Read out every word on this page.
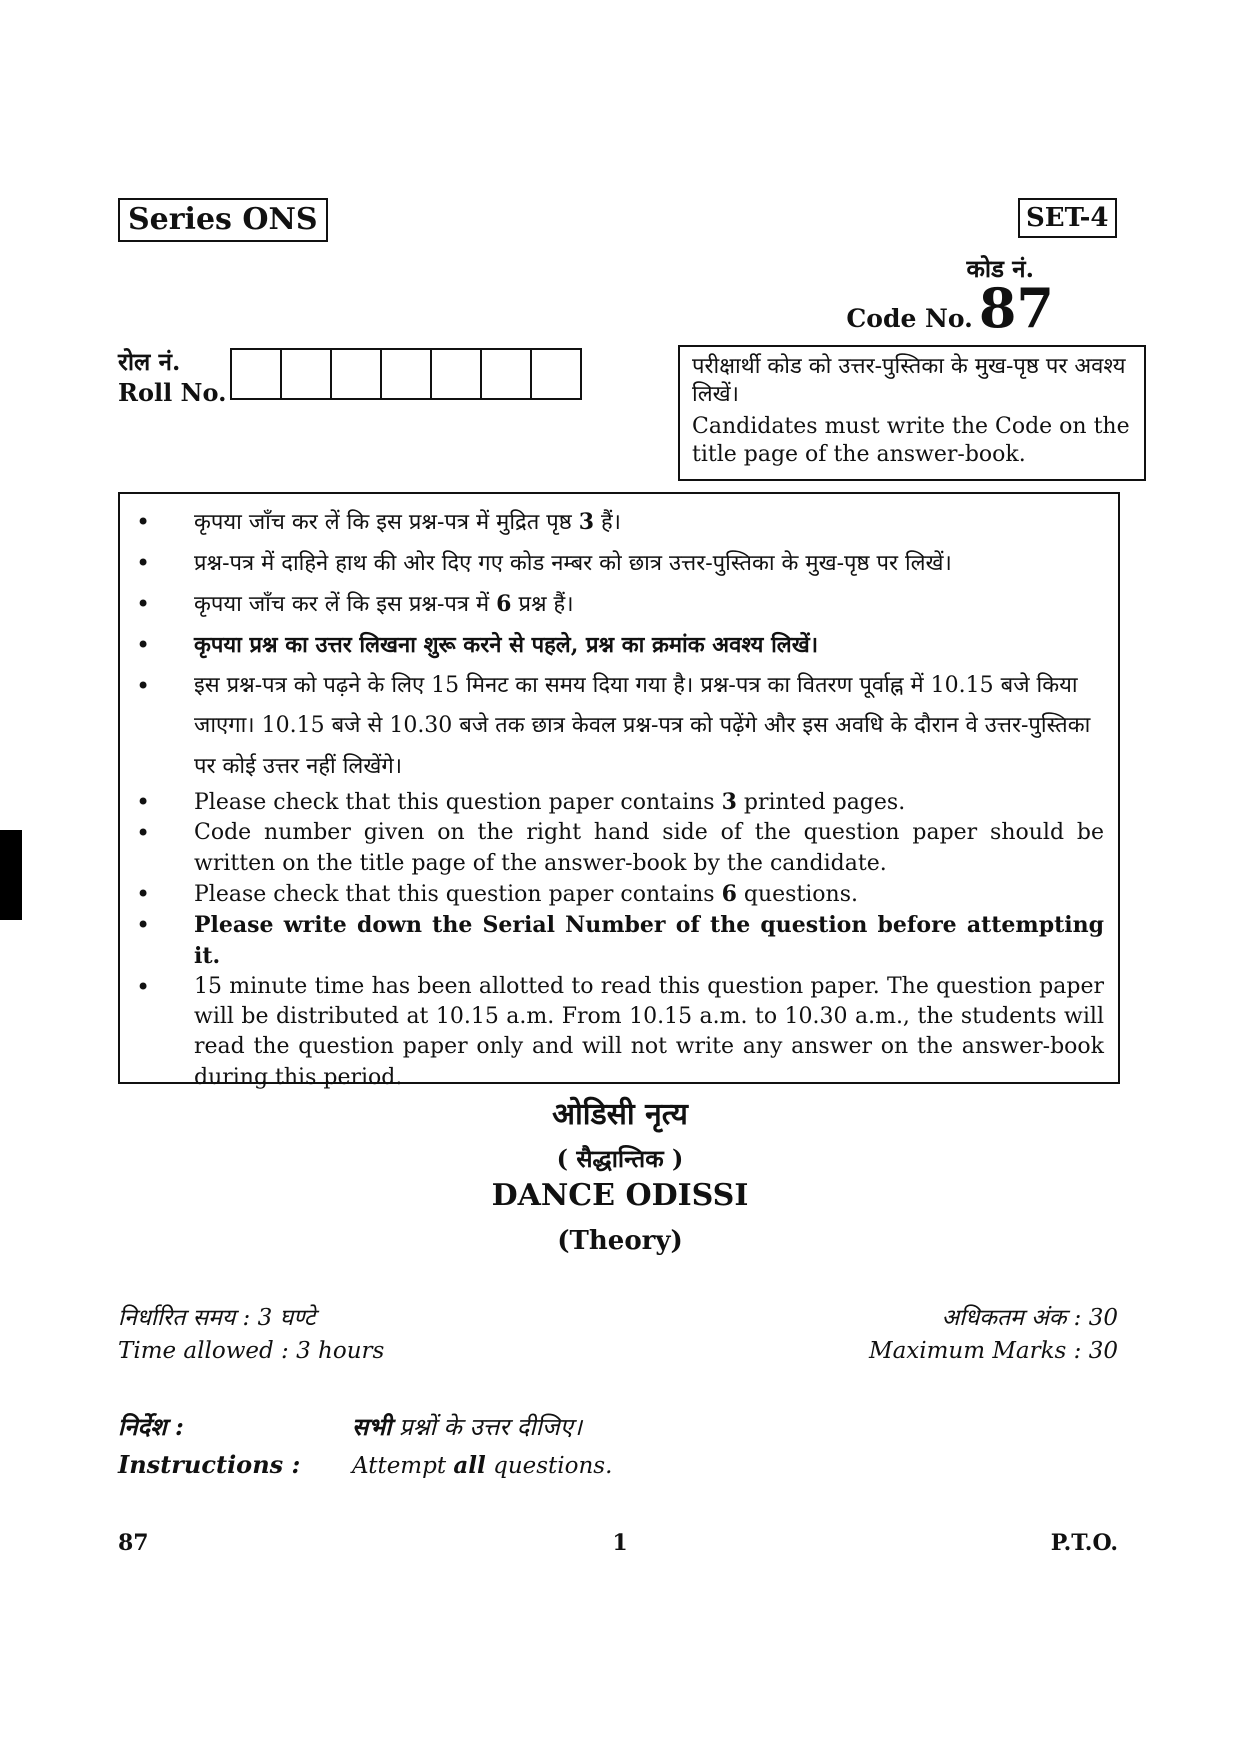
Series ONS	SET-4
कोड नं.
Code No. 87
रोल नं.
Roll No.
परीक्षार्थी कोड को उत्तर-पुस्तिका के मुख-पृष्ठ पर अवश्य लिखें।
Candidates must write the Code on the title page of the answer-book.
• कृपया जाँच कर लें कि इस प्रश्न-पत्र में मुद्रित पृष्ठ 3 हैं।
• प्रश्न-पत्र में दाहिने हाथ की ओर दिए गए कोड नम्बर को छात्र उत्तर-पुस्तिका के मुख-पृष्ठ पर लिखें।
• कृपया जाँच कर लें कि इस प्रश्न-पत्र में 6 प्रश्न हैं।
• कृपया प्रश्न का उत्तर लिखना शुरू करने से पहले, प्रश्न का क्रमांक अवश्य लिखें।
• इस प्रश्न-पत्र को पढ़ने के लिए 15 मिनट का समय दिया गया है। प्रश्न-पत्र का वितरण पूर्वाह्न में 10.15 बजे किया जाएगा। 10.15 बजे से 10.30 बजे तक छात्र केवल प्रश्न-पत्र को पढ़ेंगे और इस अवधि के दौरान वे उत्तर-पुस्तिका पर कोई उत्तर नहीं लिखेंगे।
• Please check that this question paper contains 3 printed pages.
• Code number given on the right hand side of the question paper should be written on the title page of the answer-book by the candidate.
• Please check that this question paper contains 6 questions.
• Please write down the Serial Number of the question before attempting it.
• 15 minute time has been allotted to read this question paper. The question paper will be distributed at 10.15 a.m. From 10.15 a.m. to 10.30 a.m., the students will read the question paper only and will not write any answer on the answer-book during this period.
ओडिसी नृत्य
( सैद्धान्तिक )
DANCE ODISSI
(Theory)
निर्धारित समय : 3 घण्टे
Time allowed : 3 hours
अधिकतम अंक : 30
Maximum Marks : 30
निर्देश :	सभी प्रश्नों के उत्तर दीजिए।
Instructions : Attempt all questions.
87	1	P.T.O.
